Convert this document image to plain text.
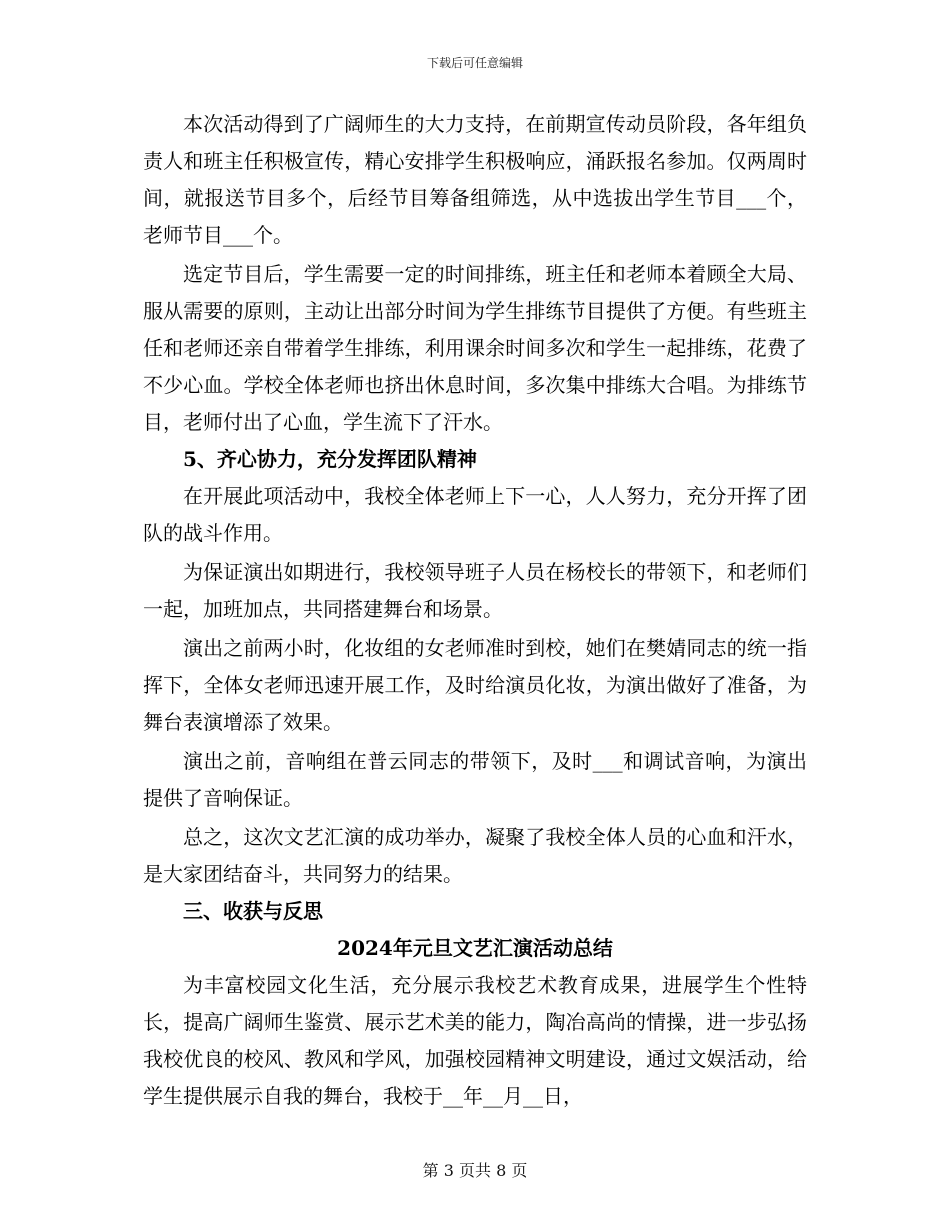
下载后可任意编辑

本次活动得到了广阔师生的大力支持，在前期宣传动员阶段，各年组负责人和班主任积极宣传，精心安排学生积极响应，涌跃报名参加。仅两周时间，就报送节目多个，后经节目筹备组筛选，从中选拔出学生节目___个，老师节目___个。

选定节目后，学生需要一定的时间排练，班主任和老师本着顾全大局、服从需要的原则，主动让出部分时间为学生排练节目提供了方便。有些班主任和老师还亲自带着学生排练，利用课余时间多次和学生一起排练，花费了不少心血。学校全体老师也挤出休息时间，多次集中排练大合唱。为排练节目，老师付出了心血，学生流下了汗水。

5、齐心协力，充分发挥团队精神

在开展此项活动中，我校全体老师上下一心，人人努力，充分开挥了团队的战斗作用。

为保证演出如期进行，我校领导班子人员在杨校长的带领下，和老师们一起，加班加点，共同搭建舞台和场景。

演出之前两小时，化妆组的女老师准时到校，她们在樊婧同志的统一指挥下，全体女老师迅速开展工作，及时给演员化妆，为演出做好了准备，为舞台表演增添了效果。

演出之前，音响组在普云同志的带领下，及时___和调试音响，为演出提供了音响保证。

总之，这次文艺汇演的成功举办，凝聚了我校全体人员的心血和汗水，是大家团结奋斗，共同努力的结果。

三、收获与反思

2024年元旦文艺汇演活动总结

为丰富校园文化生活，充分展示我校艺术教育成果，进展学生个性特长，提高广阔师生鉴赏、展示艺术美的能力，陶冶高尚的情操，进一步弘扬我校优良的校风、教风和学风，加强校园精神文明建设，通过文娱活动，给学生提供展示自我的舞台，我校于__年__月__日，

第 3 页共 8 页
